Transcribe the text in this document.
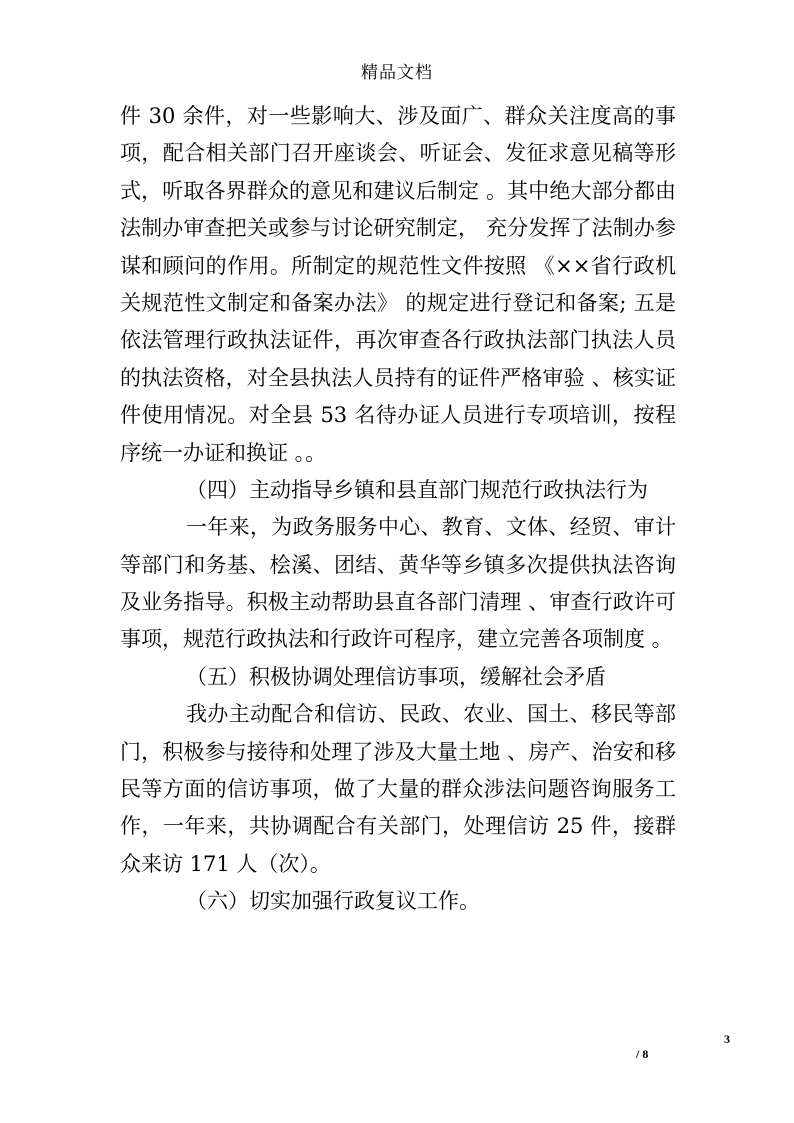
精品文档
件 30 余件，对一些影响大、涉及面广、群众关注度高的事
项，配合相关部门召开座谈会、听证会、发征求意见稿等形
式，听取各界群众的意见和建议后制定 。其中绝大部分都由
法制办审查把关或参与讨论研究制定， 充分发挥了法制办参
谋和顾问的作用。所制定的规范性文件按照 《××省行政机
关规范性文制定和备案办法》 的规定进行登记和备案; 五是
依法管理行政执法证件，再次审查各行政执法部门执法人员
的执法资格，对全县执法人员持有的证件严格审验 、核实证
件使用情况。对全县 53 名待办证人员进行专项培训，按程
序统一办证和换证 。。
（四）主动指导乡镇和县直部门规范行政执法行为
一年来，为政务服务中心、教育、文体、经贸、审计
等部门和务基、桧溪、团结、黄华等乡镇多次提供执法咨询
及业务指导。积极主动帮助县直各部门清理 、审查行政许可
事项，规范行政执法和行政许可程序，建立完善各项制度 。
（五）积极协调处理信访事项，缓解社会矛盾
我办主动配合和信访、民政、农业、国土、移民等部
门，积极参与接待和处理了涉及大量土地 、房产、治安和移
民等方面的信访事项，做了大量的群众涉法问题咨询服务工
作，一年来，共协调配合有关部门，处理信访 25 件，接群
众来访 171 人（次）。
（六）切实加强行政复议工作。
3
/ 8
